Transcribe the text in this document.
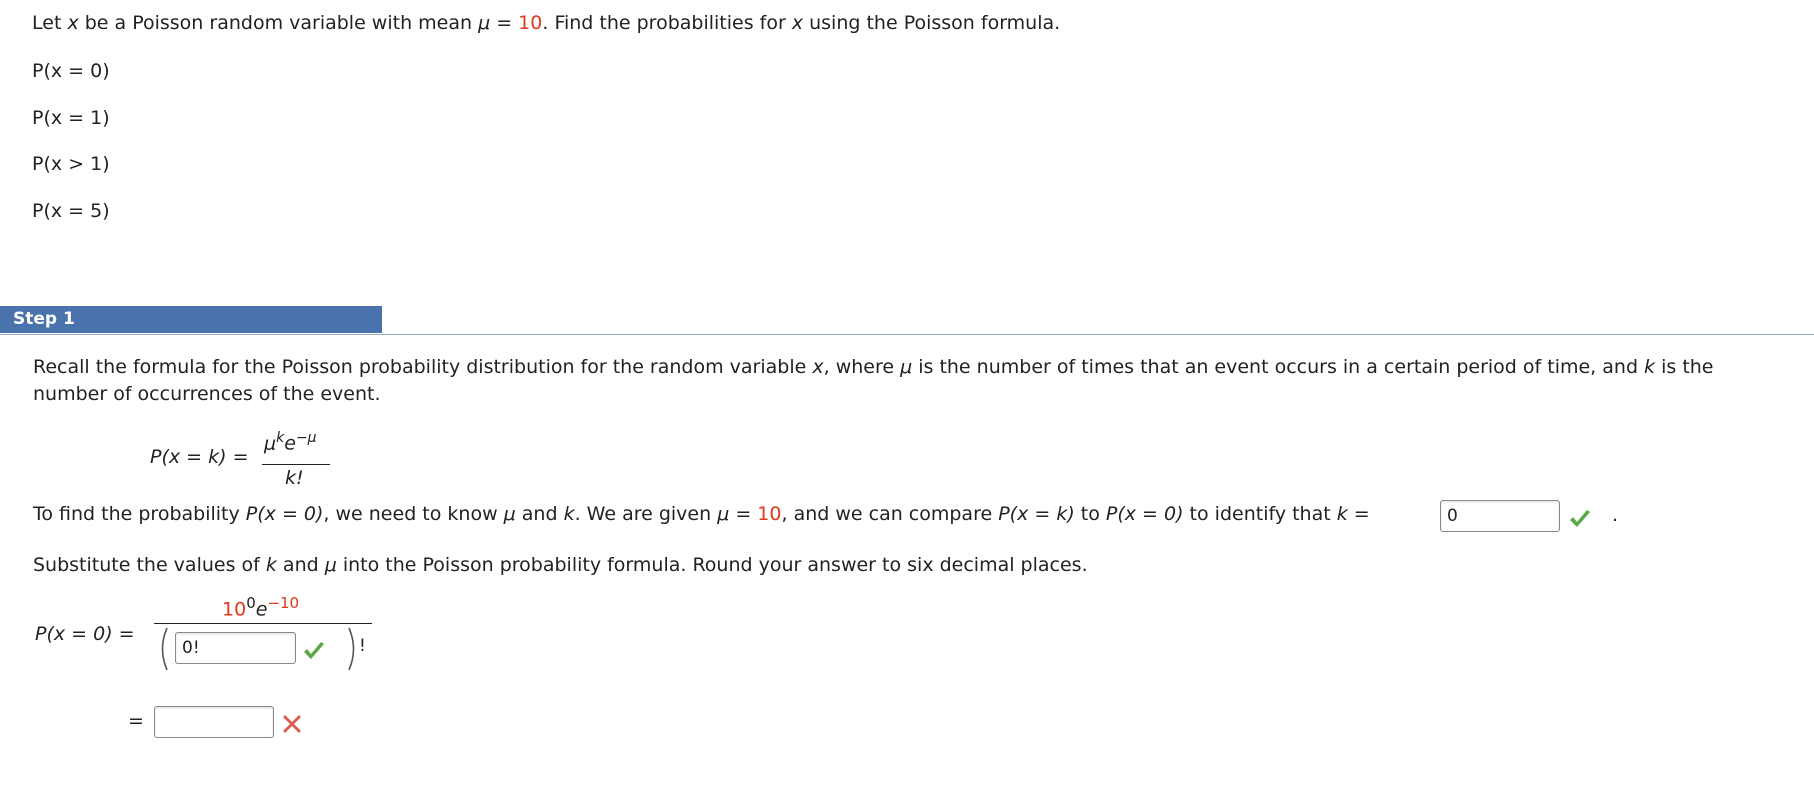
Let x be a Poisson random variable with mean μ = 10. Find the probabilities for x using the Poisson formula.
P(x = 0)
P(x = 1)
P(x > 1)
P(x = 5)
Step 1
Recall the formula for the Poisson probability distribution for the random variable x, where μ is the number of times that an event occurs in a certain period of time, and k is the
number of occurrences of the event.
P(x = k) =
$\mu^ke^{-\mu}$
k!
To find the probability P(x = 0), we need to know μ and k. We are given μ = 10, and we can compare P(x = k) to P(x = 0) to identify that k =
0	.
Substitute the values of k and μ into the Poisson probability formula. Round your answer to six decimal places.
$10^0e^{-10}$
P(x = 0) =
0!
!
=
